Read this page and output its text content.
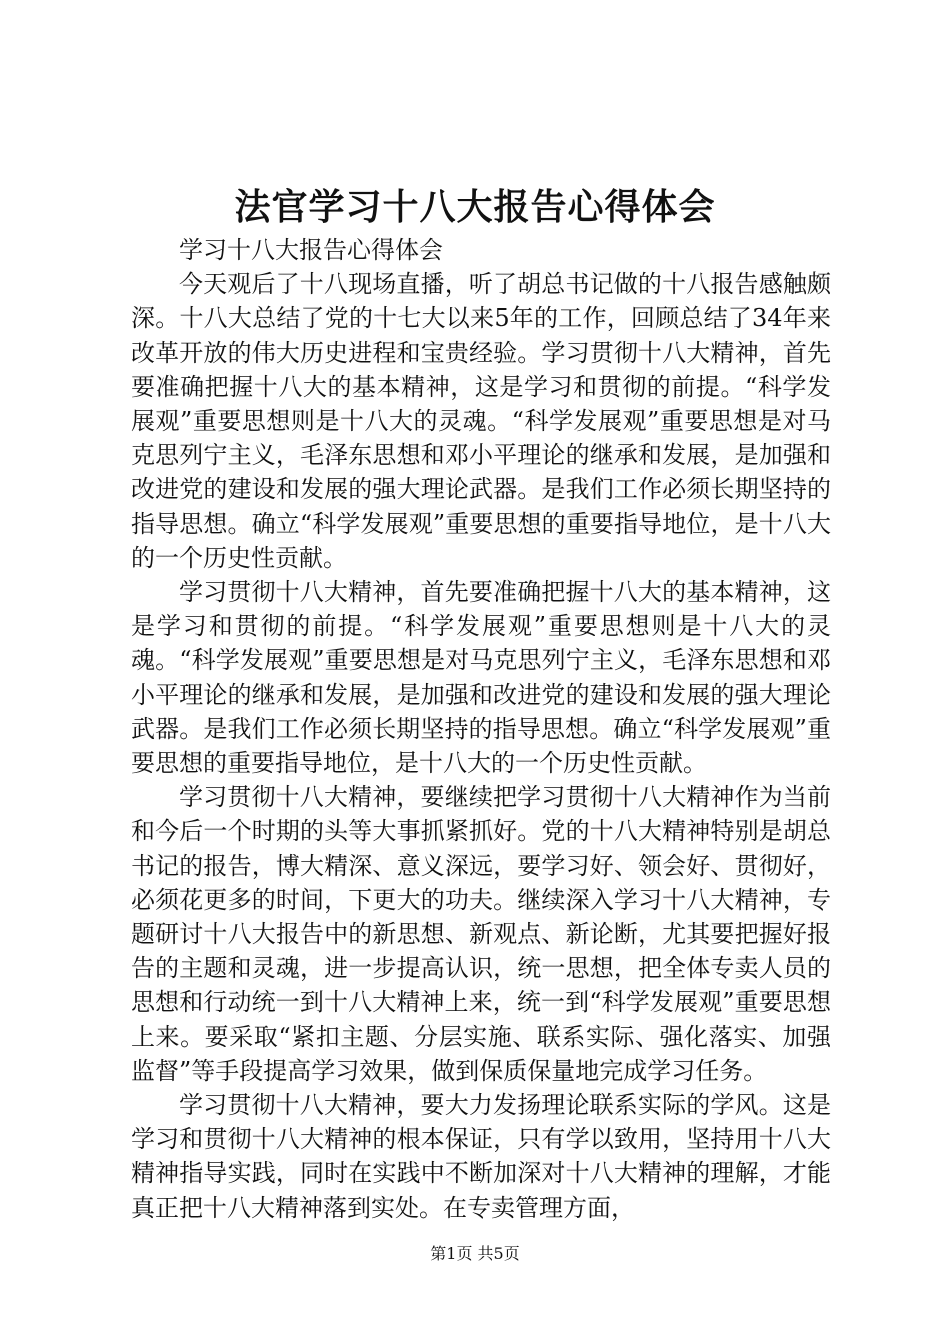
法官学习十八大报告心得体会

学习十八大报告心得体会

今天观后了十八现场直播，听了胡总书记做的十八报告感触颇深。十八大总结了党的十七大以来5年的工作，回顾总结了34年来改革开放的伟大历史进程和宝贵经验。学习贯彻十八大精神，首先要准确把握十八大的基本精神，这是学习和贯彻的前提。“科学发展观”重要思想则是十八大的灵魂。“科学发展观”重要思想是对马克思列宁主义，毛泽东思想和邓小平理论的继承和发展，是加强和改进党的建设和发展的强大理论武器。是我们工作必须长期坚持的指导思想。确立“科学发展观”重要思想的重要指导地位，是十八大的一个历史性贡献。

学习贯彻十八大精神，首先要准确把握十八大的基本精神，这是学习和贯彻的前提。“科学发展观”重要思想则是十八大的灵魂。“科学发展观”重要思想是对马克思列宁主义，毛泽东思想和邓小平理论的继承和发展，是加强和改进党的建设和发展的强大理论武器。是我们工作必须长期坚持的指导思想。确立“科学发展观”重要思想的重要指导地位，是十八大的一个历史性贡献。

学习贯彻十八大精神，要继续把学习贯彻十八大精神作为当前和今后一个时期的头等大事抓紧抓好。党的十八大精神特别是胡总书记的报告，博大精深、意义深远，要学习好、领会好、贯彻好，必须花更多的时间，下更大的功夫。继续深入学习十八大精神，专题研讨十八大报告中的新思想、新观点、新论断，尤其要把握好报告的主题和灵魂，进一步提高认识，统一思想，把全体专卖人员的思想和行动统一到十八大精神上来，统一到“科学发展观”重要思想上来。要采取“紧扣主题、分层实施、联系实际、强化落实、加强监督”等手段提高学习效果，做到保质保量地完成学习任务。

学习贯彻十八大精神，要大力发扬理论联系实际的学风。这是学习和贯彻十八大精神的根本保证，只有学以致用，坚持用十八大精神指导实践，同时在实践中不断加深对十八大精神的理解，才能真正把十八大精神落到实处。在专卖管理方面，

第1页 共5页
